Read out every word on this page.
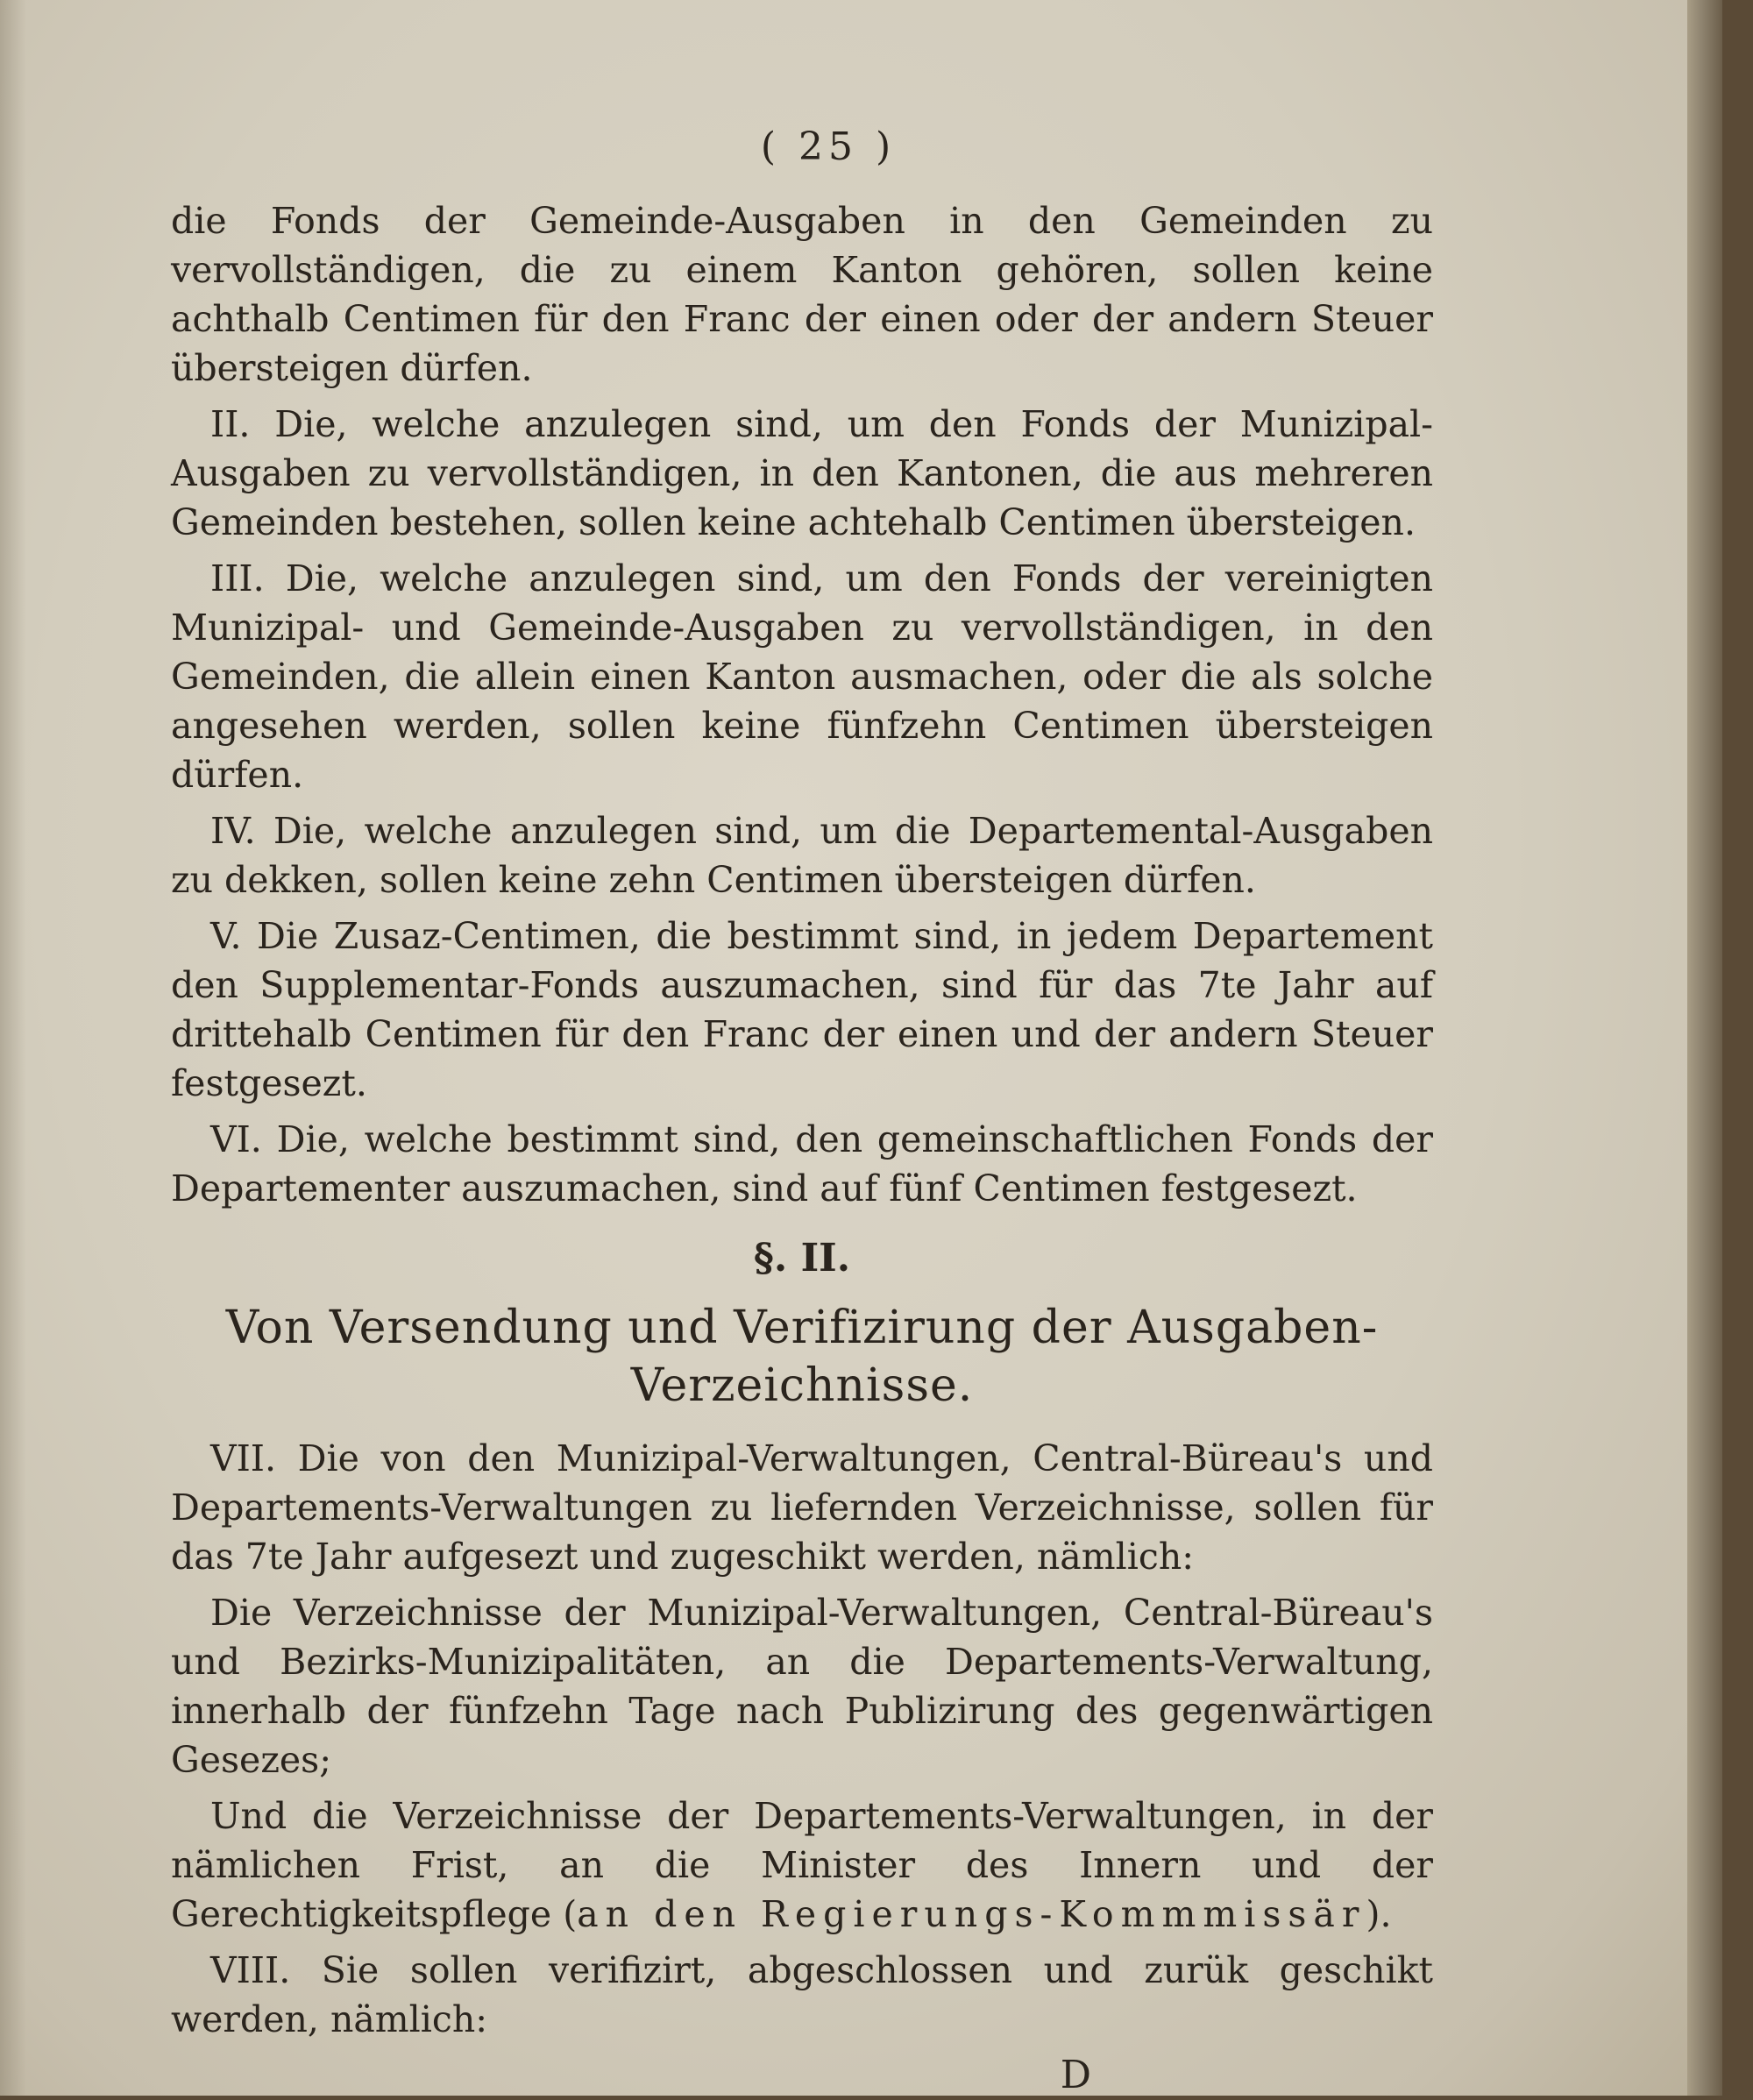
( 25 )

die Fonds der Gemeinde-Ausgaben in den Gemeinden zu vervollständigen, die zu einem Kanton gehören, sollen keine achthalb Centimen für den Franc der einen oder der andern Steuer übersteigen dürfen.

II. Die, welche anzulegen sind, um den Fonds der Munizipal-Ausgaben zu vervollständigen, in den Kantonen, die aus mehreren Gemeinden bestehen, sollen keine achtehalb Centimen übersteigen.

III. Die, welche anzulegen sind, um den Fonds der vereinigten Munizipal- und Gemeinde-Ausgaben zu vervollständigen, in den Gemeinden, die allein einen Kanton ausmachen, oder die als solche angesehen werden, sollen keine fünfzehn Centimen übersteigen dürfen.

IV. Die, welche anzulegen sind, um die Departemental-Ausgaben zu dekken, sollen keine zehn Centimen übersteigen dürfen.

V. Die Zusaz-Centimen, die bestimmt sind, in jedem Departement den Supplementar-Fonds auszumachen, sind für das 7te Jahr auf drittehalb Centimen für den Franc der einen und der andern Steuer festgesezt.

VI. Die, welche bestimmt sind, den gemeinschaftlichen Fonds der Departementer auszumachen, sind auf fünf Centimen festgesezt.

§. II.
Von Versendung und Verifizirung der Ausgaben-Verzeichnisse.

VII. Die von den Munizipal-Verwaltungen, Central-Büreau's und Departements-Verwaltungen zu liefernden Verzeichnisse, sollen für das 7te Jahr aufgesezt und zugeschikt werden, nämlich:

Die Verzeichnisse der Munizipal-Verwaltungen, Central-Büreau's und Bezirks-Munizipalitäten, an die Departements-Verwaltung, innerhalb der fünfzehn Tage nach Publizirung des gegenwärtigen Gesezes;

Und die Verzeichnisse der Departements-Verwaltungen, in der nämlichen Frist, an die Minister des Innern und der Gerechtigkeitspflege (an den Regierungs-Kommmissär).

VIII. Sie sollen verifizirt, abgeschlossen und zurük geschikt werden, nämlich:

D
